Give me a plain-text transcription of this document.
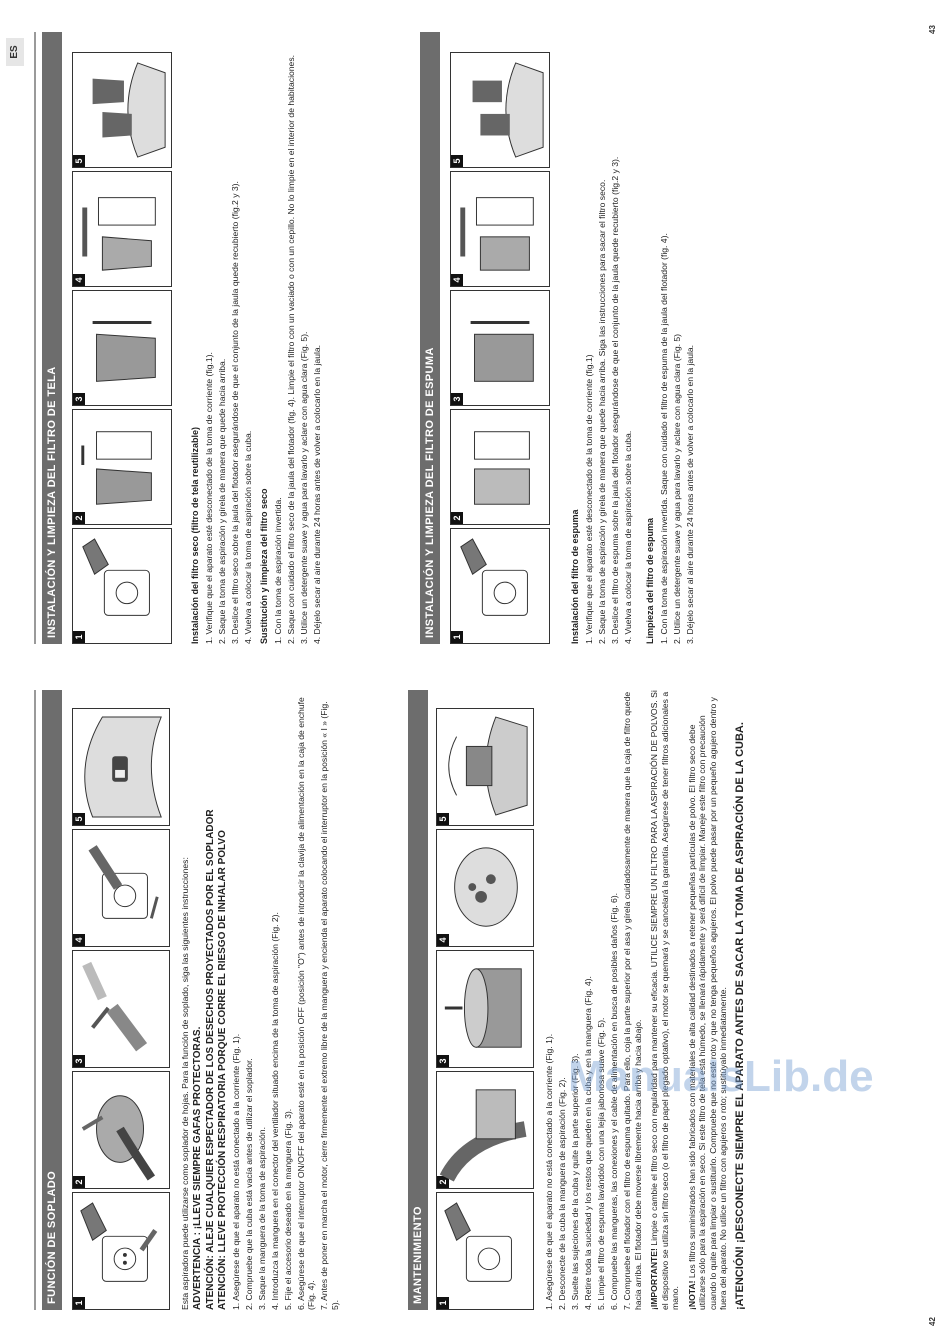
ES
42
43
FUNCIÓN DE SOPLADO	1
2
3
4
5

Esta aspiradora puede utilizarse como soplador de hojas. Para la función de soplado, siga las siguientes instrucciones: ADVERTENCIA : ¡LLEVE SIEMPRE GAFAS PROTECTORAS. ATENCIÓN: ALEJE CUALQUIER ESPECTADOR DE LOS DESECHOS PROYECTADOS POR EL SOPLADOR ATENCIÓN: LLEVE PROTECCIÓN RESPIRATORIA PORQUE CORRE EL RIESGO DE INHALAR POLVO 1. Asegúrese de que el aparato no está conectado a la corriente (Fig. 1). 2. Compruebe que la cuba está vacía antes de utilizar el soplador. 3. Saque la manguera de la toma de aspiración. 4. Introduzca la manguera en el conector del ventilador situado encima de la toma de aspiración (Fig. 2). 5. Fije el accesorio deseado en la manguera (Fig. 3). 6. Asegúrese de que el interruptor ON/OFF del aparato esté en la posición OFF (posición "O") antes de introducir la clavija de alimentación en la caja de enchufe (Fig. 4). 7. Antes de poner en marcha el motor, cierre firmemente el extremo libre de la manguera y encienda el aparato colocando el interruptor en la posición « I » (Fig. 5).

MANTENIMIENTO	1
2
3
4
5

1. Asegúrese de que el aparato no está conectado a la corriente (Fig. 1). 2. Desconecte de la cuba la manguera de aspiración (Fig. 2). 3. Suelte las sujeciones de la cuba y quite la parte superior (Fig. 3). 4. Retire toda la suciedad y los restos que queden en la cuba y en la manguera (Fig. 4). 5. Limpie el filtro de espuma lavándolo con una lejía jabonosa suave (Fig. 5). 6. Compruebe las mangueras, las conexiones y el cable de alimentación en busca de posibles daños (Fig. 6). 7. Compruebe el flotador con el filtro de espuma quitado. Para ello, coja la parte superior por el asa y gírela cuidadosamente de manera que la caja de filtro quede hacia arriba. El flotador debe moverse libremente hacia arriba y hacia abajo. ¡IMPORTANTE! Limpie o cambie el filtro seco con regularidad para mantener su eficacia. UTILICE SIEMPRE UN FILTRO PARA LA ASPIRACIÓN DE POLVOS. Si el dispositivo se utiliza sin filtro seco (o el filtro de papel plegado optativo), el motor se quemará y se cancelará la garantía. Asegúrese de tener filtros adicionales a mano. ¡NOTA! Los filtros suministrados han sido fabricados con materiales de alta calidad destinados a retener pequeñas partículas de polvo. El filtro seco debe utilizarse sólo para la aspiración en seco. Si este filtro de tela está húmedo, se llenará rápidamente y será difícil de limpiar. Maneje este filtro con precaución cuando lo quite para limpiar o sustituirlo. Compruebe que no esté roto y que no tenga pequeños agujeros. El polvo puede pasar por un pequeño agujero dentro y fuera del aparato. No utilice un filtro con agujeros o roto; sustitúyalo inmediatamente. ¡ATENCIÓN! ¡DESCONECTE SIEMPRE EL APARATO ANTES DE SACAR LA TOMA DE ASPIRACIÓN DE LA CUBA.

INSTALACIÓN Y LIMPIEZA DEL FILTRO DE TELA	1
2
3
4
5

Instalación del filtro seco (filtro de tela reutilizable) 1. Verifique que el aparato esté desconectado de la toma de corriente (fig.1). 2. Saque la toma de aspiración y gírela de manera que quede hacia arriba. 3. Deslice el filtro seco sobre la jaula del flotador asegurándose de que el conjunto de la jaula quede recubierto (fig.2 y 3). 4. Vuelva a colocar la toma de aspiración sobre la cuba. Sustitución y limpieza del filtro seco 1. Con la toma de aspiración invertida. 2. Saque con cuidado el filtro seco de la jaula del flotador (fig. 4). Limpie el filtro con un vaciado o con un cepillo. No lo limpie en el interior de habitaciones. 3. Utilice un detergente suave y agua para lavarlo y aclare con agua clara (Fig. 5). 4. Déjelo secar al aire durante 24 horas antes de volver a colocarlo en la jaula.	INSTALACIÓN Y LIMPIEZA DEL FILTRO DE ESPUMA	1
2
3
4
5

Instalación del filtro de espuma 1. Verifique que el aparato esté desconectado de la toma de corriente (fig.1) 2. Saque la toma de aspiración y gírela de manera que quede hacia arriba. Siga las instrucciones para sacar el filtro seco. 3. Deslice el filtro de espuma sobre la jaula del flotador asegurándose de que el conjunto de la jaula quede recubierto (fig.2 y 3). 4. Vuelva a colocar la toma de aspiración sobre la cuba. Limpieza del filtro de espuma 1. Con la toma de aspiración invertida. Saque con cuidado el filtro de espuma de la jaula del flotador (fig. 4). 2. Utilice un detergente suave y agua para lavarlo y aclare con agua clara (Fig. 5) 3. Déjelo secar al aire durante 24 horas antes de volver a colocarlo en la jaula.

ManualsLib.de
